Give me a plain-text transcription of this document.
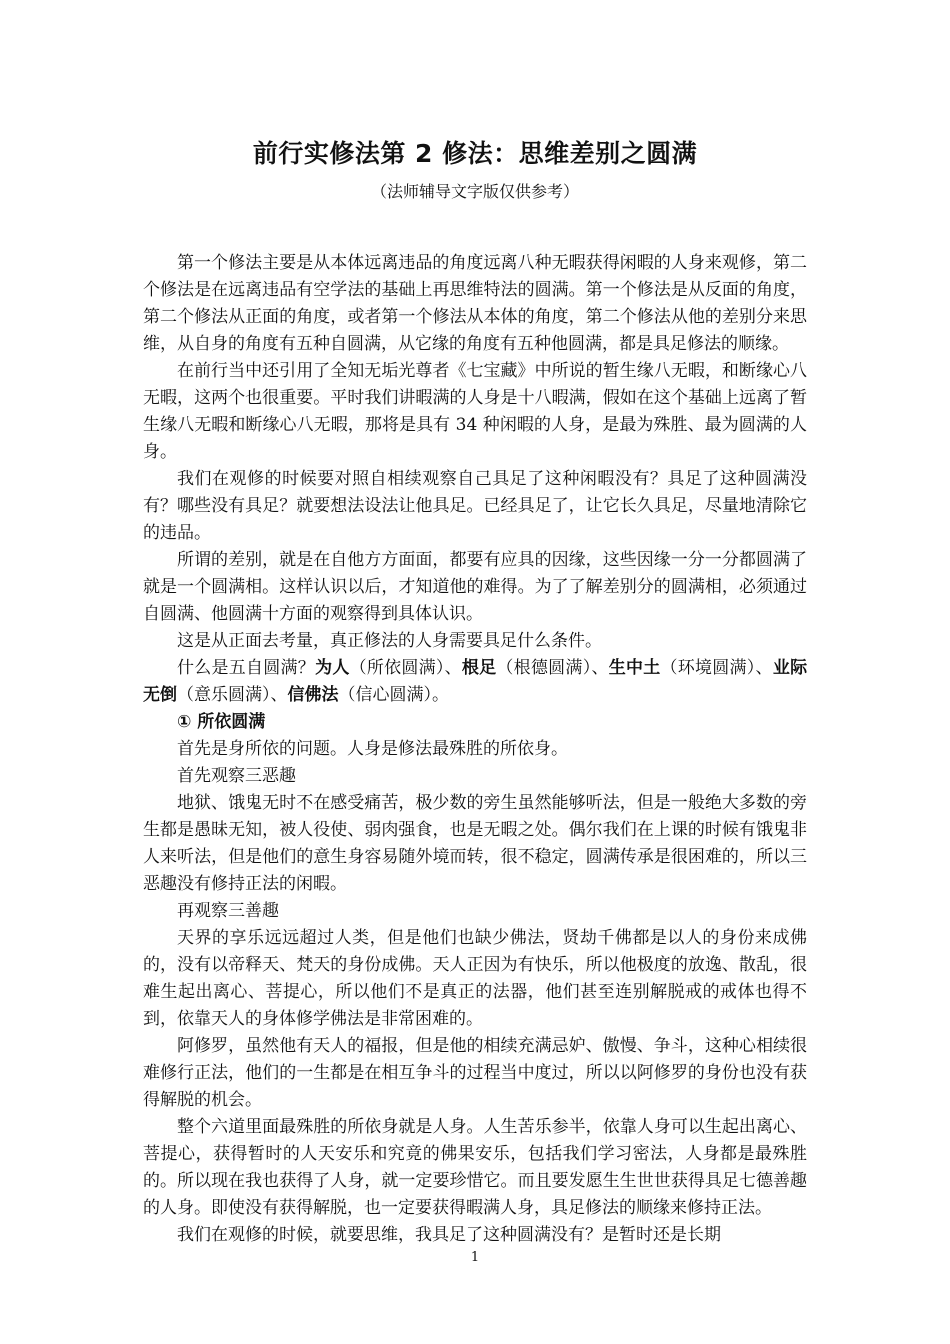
前行实修法第 2 修法：思维差别之圆满

（法师辅导文字版仅供参考）

第一个修法主要是从本体远离违品的角度远离八种无暇获得闲暇的人身来观修，第二个修法是在远离违品有空学法的基础上再思维特法的圆满。第一个修法是从反面的角度，第二个修法从正面的角度，或者第一个修法从本体的角度，第二个修法从他的差别分来思维，从自身的角度有五种自圆满，从它缘的角度有五种他圆满，都是具足修法的顺缘。

在前行当中还引用了全知无垢光尊者《七宝藏》中所说的暂生缘八无暇，和断缘心八无暇，这两个也很重要。平时我们讲暇满的人身是十八暇满，假如在这个基础上远离了暂生缘八无暇和断缘心八无暇，那将是具有 34 种闲暇的人身，是最为殊胜、最为圆满的人身。

我们在观修的时候要对照自相续观察自己具足了这种闲暇没有？具足了这种圆满没有？哪些没有具足？就要想法设法让他具足。已经具足了，让它长久具足，尽量地清除它的违品。

所谓的差别，就是在自他方方面面，都要有应具的因缘，这些因缘一分一分都圆满了就是一个圆满相。这样认识以后，才知道他的难得。为了了解差别分的圆满相，必须通过自圆满、他圆满十方面的观察得到具体认识。

这是从正面去考量，真正修法的人身需要具足什么条件。

什么是五自圆满？为人（所依圆满）、根足（根德圆满）、生中土（环境圆满）、业际无倒（意乐圆满）、信佛法（信心圆满）。

① 所依圆满

首先是身所依的问题。人身是修法最殊胜的所依身。

首先观察三恶趣

地狱、饿鬼无时不在感受痛苦，极少数的旁生虽然能够听法，但是一般绝大多数的旁生都是愚昧无知，被人役使、弱肉强食，也是无暇之处。偶尔我们在上课的时候有饿鬼非人来听法，但是他们的意生身容易随外境而转，很不稳定，圆满传承是很困难的，所以三恶趣没有修持正法的闲暇。

再观察三善趣

天界的享乐远远超过人类，但是他们也缺少佛法，贤劫千佛都是以人的身份来成佛的，没有以帝释天、梵天的身份成佛。天人正因为有快乐，所以他极度的放逸、散乱，很难生起出离心、菩提心，所以他们不是真正的法器，他们甚至连别解脱戒的戒体也得不到，依靠天人的身体修学佛法是非常困难的。

阿修罗，虽然他有天人的福报，但是他的相续充满忌妒、傲慢、争斗，这种心相续很难修行正法，他们的一生都是在相互争斗的过程当中度过，所以以阿修罗的身份也没有获得解脱的机会。

整个六道里面最殊胜的所依身就是人身。人生苦乐参半，依靠人身可以生起出离心、菩提心，获得暂时的人天安乐和究竟的佛果安乐，包括我们学习密法，人身都是最殊胜的。所以现在我也获得了人身，就一定要珍惜它。而且要发愿生生世世获得具足七德善趣的人身。即使没有获得解脱，也一定要获得暇满人身，具足修法的顺缘来修持正法。

我们在观修的时候，就要思维，我具足了这种圆满没有？是暂时还是长期

1
